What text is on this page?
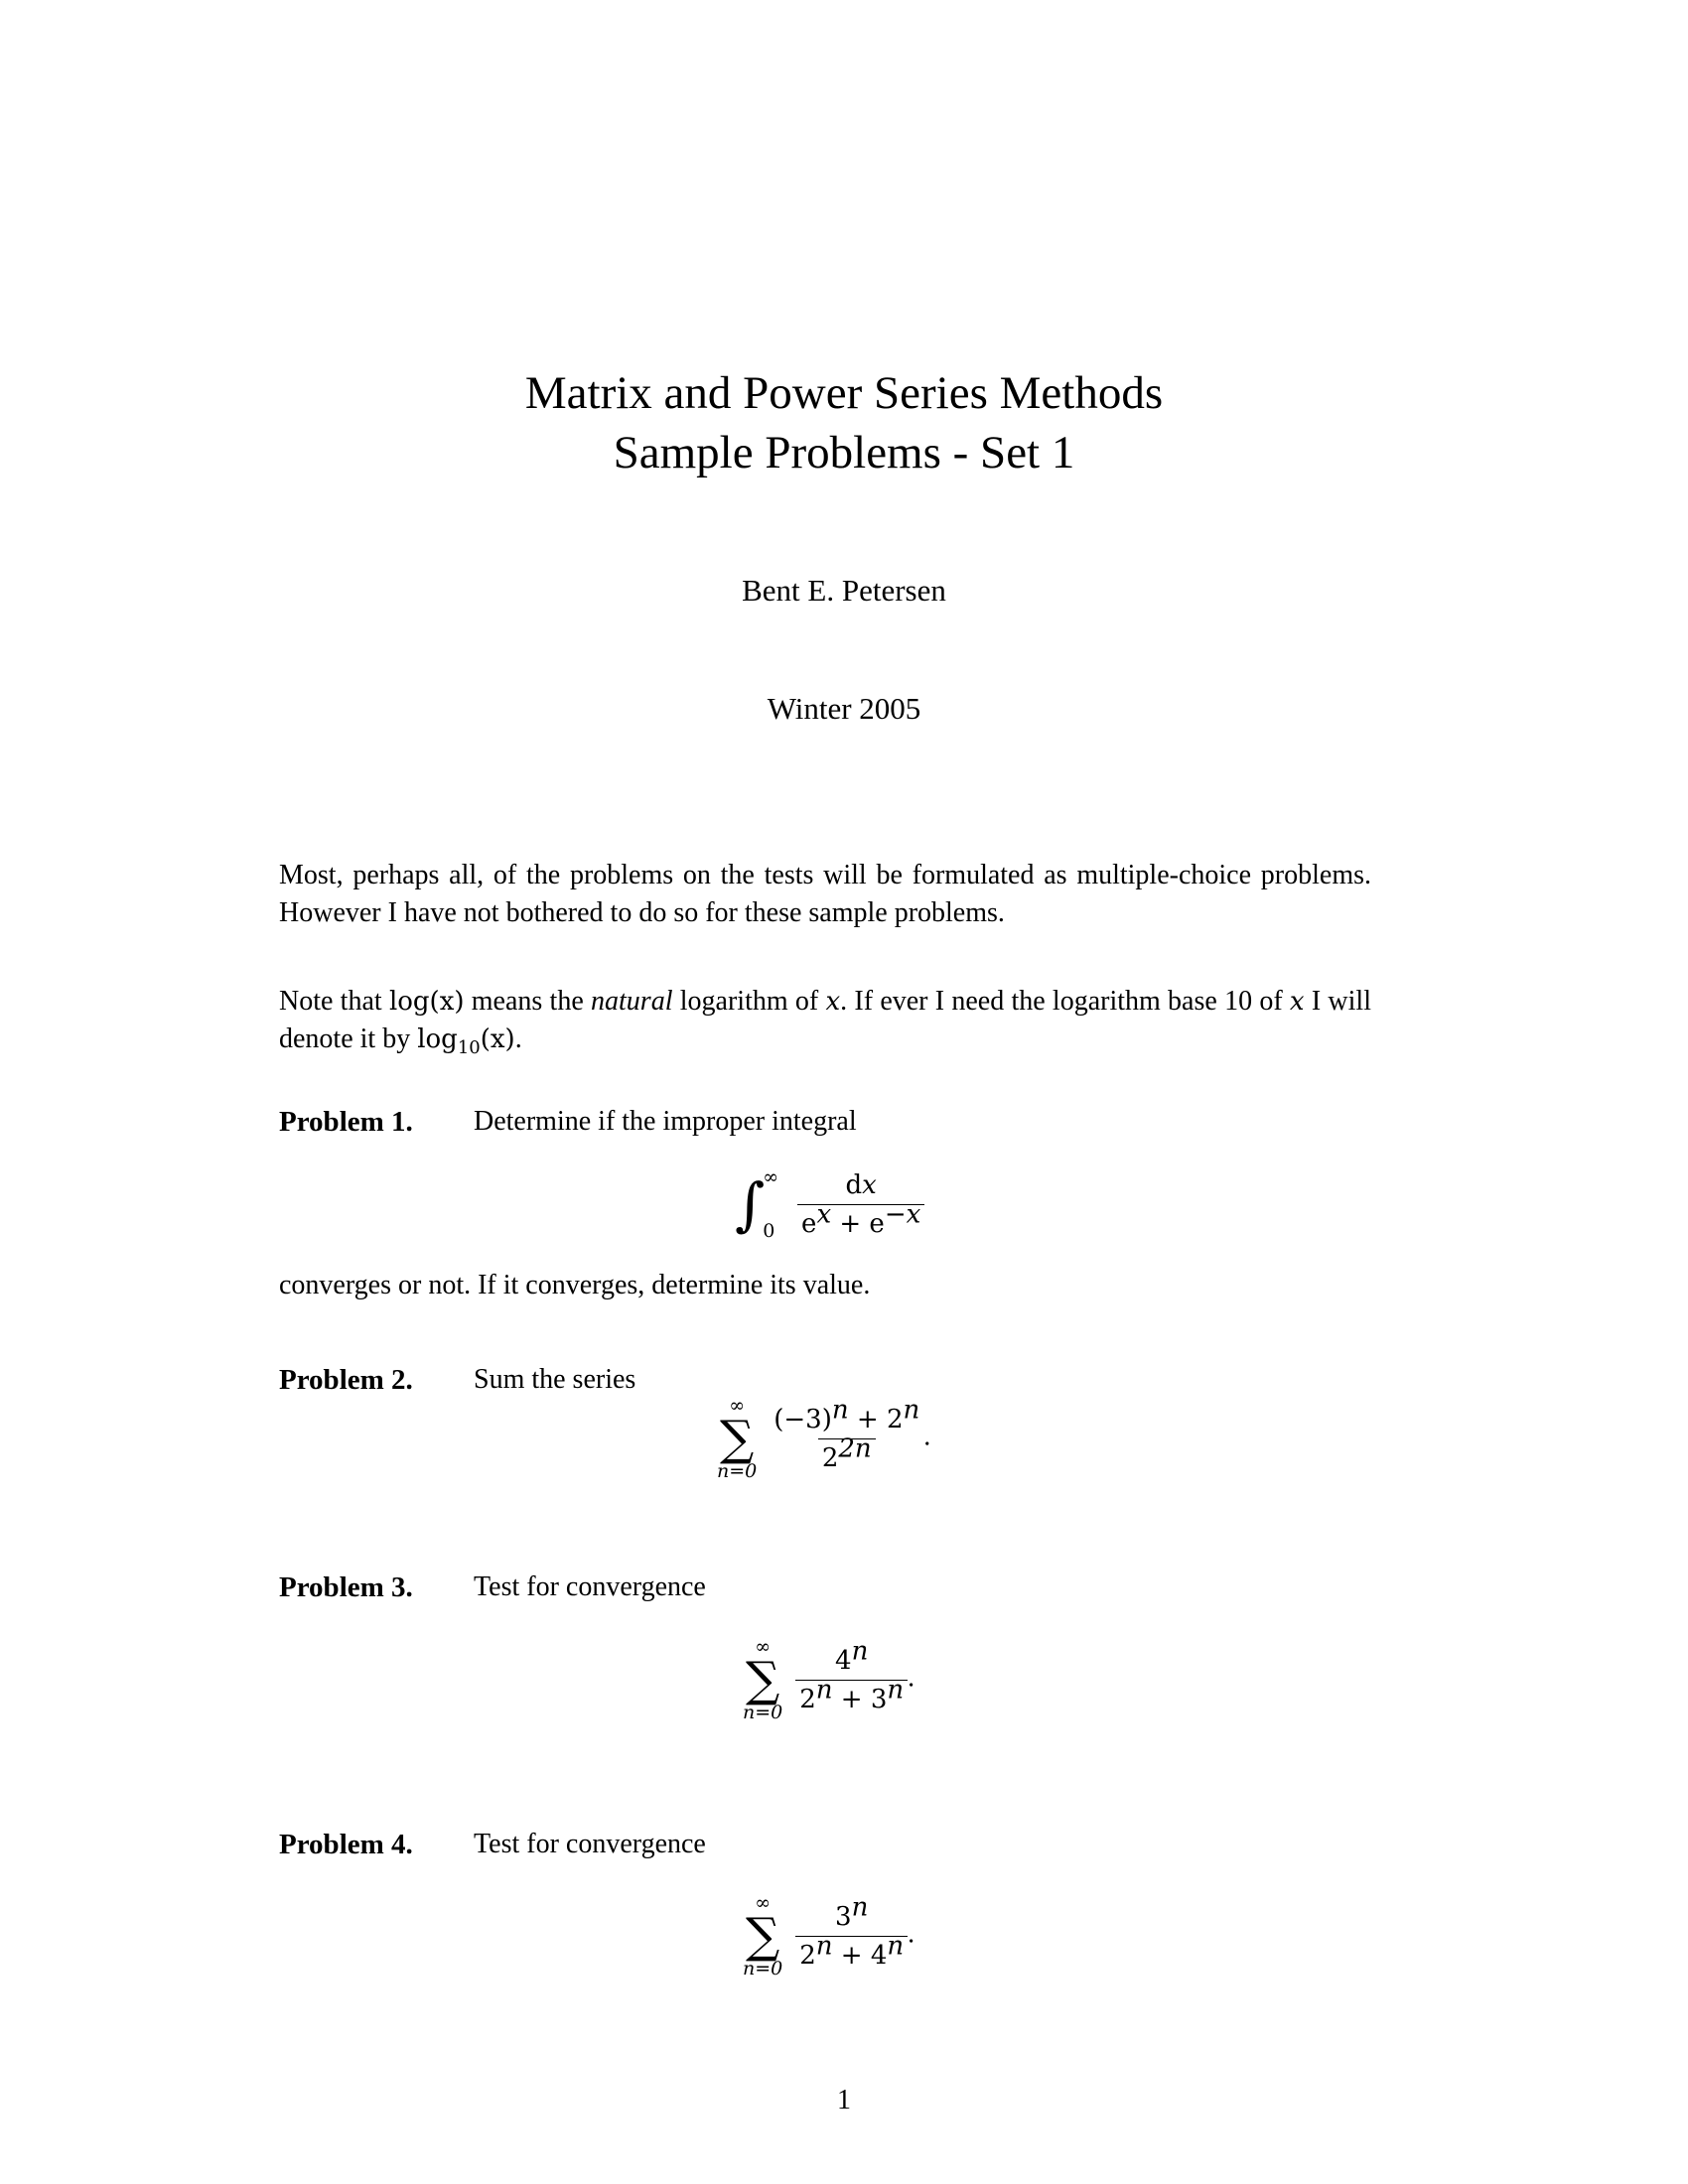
Matrix and Power Series Methods
Sample Problems - Set 1
Bent E. Petersen
Winter 2005
Most, perhaps all, of the problems on the tests will be formulated as multiple-choice problems. However I have not bothered to do so for these sample problems.
Note that log(x) means the natural logarithm of x. If ever I need the logarithm base 10 of x I will denote it by $\log_{10}(x)$.
Problem 1. Determine if the improper integral
∫
∞
0
$\frac{dx}{e^x + e^{-x}}$
converges or not. If it converges, determine its value.
Problem 2. Sum the series
∞
∑
n=0
$\frac{(-3)^n + 2^n}{2^{2n}}$ .
Problem 3. Test for convergence
∞
∑
n=0
$\frac{4^n}{2^n + 3^n}$ .
Problem 4. Test for convergence
∞
∑
n=0
$\frac{3^n}{2^n + 4^n}$ .
1
